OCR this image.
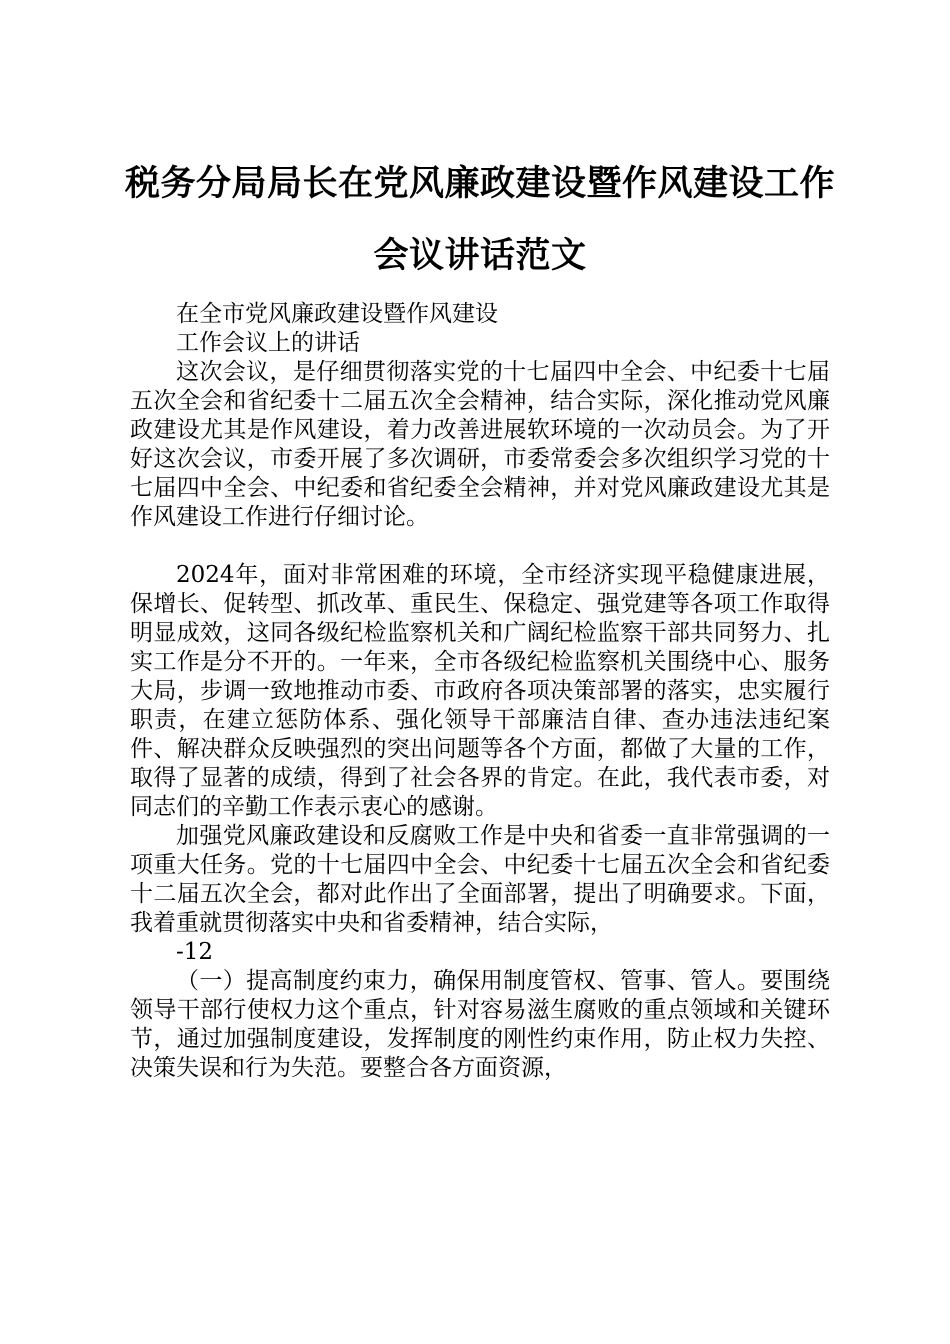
税务分局局长在党风廉政建设暨作风建设工作
会议讲话范文

在全市党风廉政建设暨作风建设

工作会议上的讲话

这次会议，是仔细贯彻落实党的十七届四中全会、中纪委十七届五次全会和省纪委十二届五次全会精神，结合实际，深化推动党风廉政建设尤其是作风建设，着力改善进展软环境的一次动员会。为了开好这次会议，市委开展了多次调研，市委常委会多次组织学习党的十七届四中全会、中纪委和省纪委全会精神，并对党风廉政建设尤其是作风建设工作进行仔细讨论。

2024年，面对非常困难的环境，全市经济实现平稳健康进展，保增长、促转型、抓改革、重民生、保稳定、强党建等各项工作取得明显成效，这同各级纪检监察机关和广阔纪检监察干部共同努力、扎实工作是分不开的。一年来，全市各级纪检监察机关围绕中心、服务大局，步调一致地推动市委、市政府各项决策部署的落实，忠实履行职责，在建立惩防体系、强化领导干部廉洁自律、查办违法违纪案件、解决群众反映强烈的突出问题等各个方面，都做了大量的工作，取得了显著的成绩，得到了社会各界的肯定。在此，我代表市委，对同志们的辛勤工作表示衷心的感谢。

加强党风廉政建设和反腐败工作是中央和省委一直非常强调的一项重大任务。党的十七届四中全会、中纪委十七届五次全会和省纪委十二届五次全会，都对此作出了全面部署，提出了明确要求。下面，我着重就贯彻落实中央和省委精神，结合实际，

-12

（一）提高制度约束力，确保用制度管权、管事、管人。要围绕领导干部行使权力这个重点，针对容易滋生腐败的重点领域和关键环节，通过加强制度建设，发挥制度的刚性约束作用，防止权力失控、决策失误和行为失范。要整合各方面资源，
